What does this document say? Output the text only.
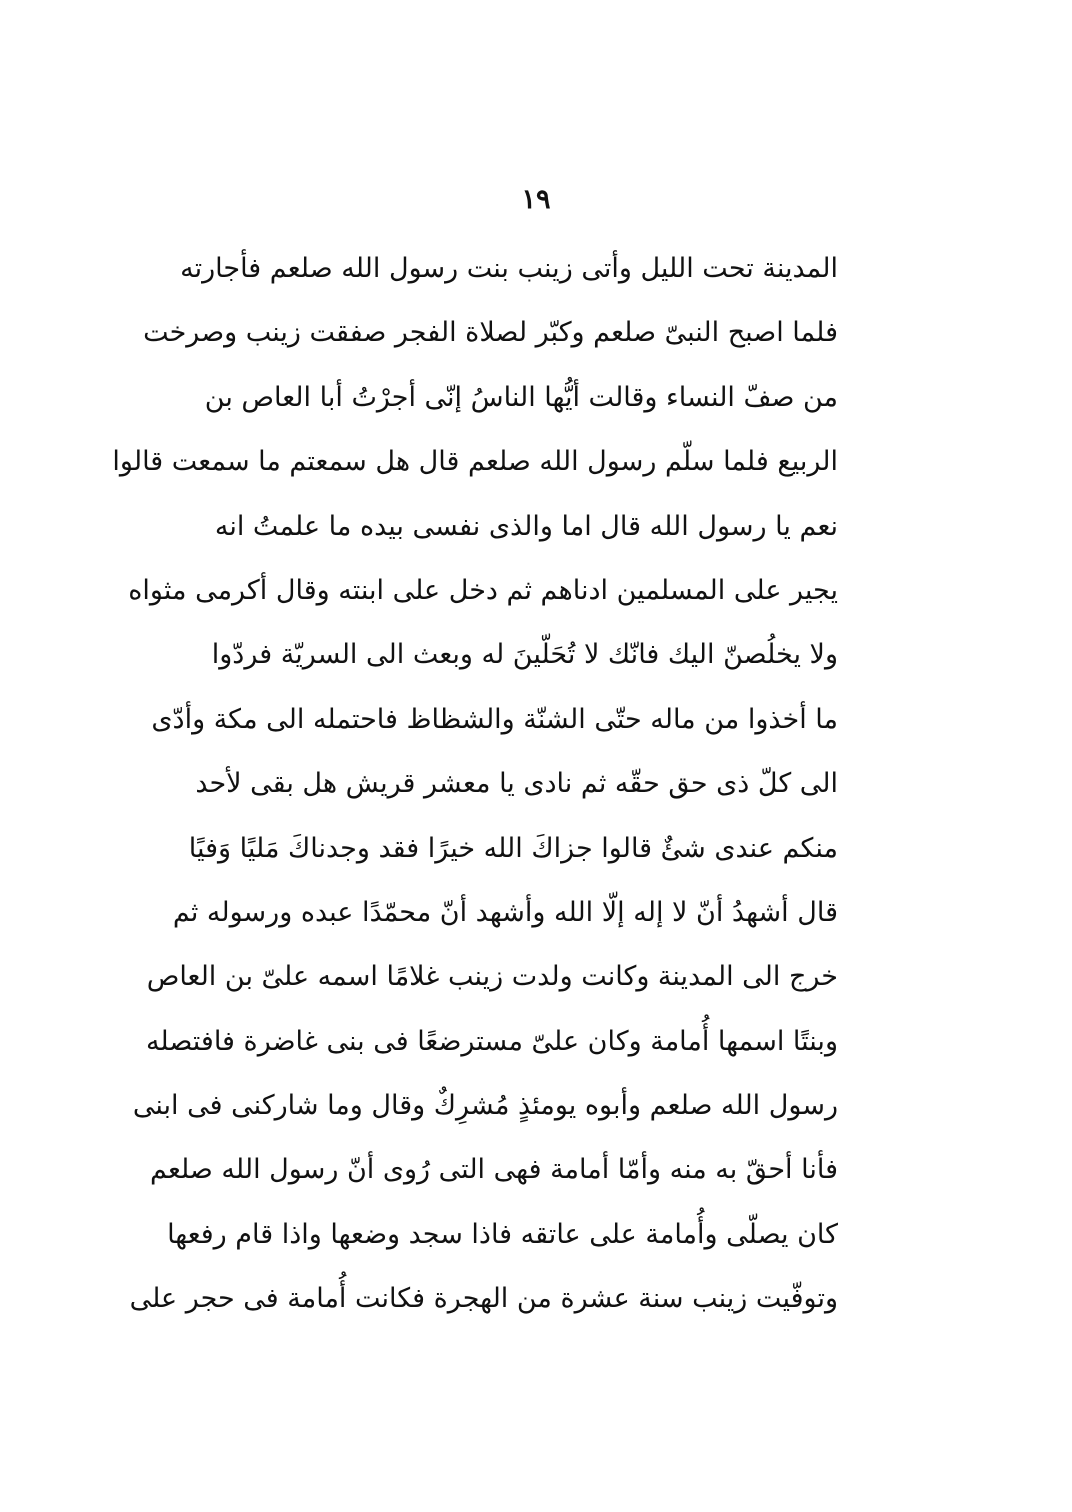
١٩
المدينة تحت الليل وأتى زينب بنت رسول الله صلعم فأجارته
فلما اصبح النبىّ صلعم وكبّر لصلاة الفجر صفقت زينب وصرخت
من صفّ النساء وقالت أيُّها الناسُ إنّى أجرْتُ أبا العاص بن
الربيع فلما سلّم رسول الله صلعم قال هل سمعتم ما سمعت قالوا
نعم يا رسول الله قال اما والذى نفسى بيده ما علمتُ انه
يجير على المسلمين ادناهم ثم دخل على ابنته وقال أكرمى مثواه
ولا يخلُصنّ اليك فانّك لا تُحَلّينَ له وبعث الى السريّة فردّوا
ما أخذوا من ماله حتّى الشنّة والشظاظ فاحتمله الى مكة وأدّى
الى كلّ ذى حق حقّه ثم نادى يا معشر قريش هل بقى لأحد
منكم عندى شئٌ قالوا جزاكَ الله خيرًا فقد وجدناكَ مَليًا وَفيًا
قال أشهدُ أنّ لا إله إلّا الله وأشهد أنّ محمّدًا عبده ورسوله ثم
خرج الى المدينة وكانت ولدت زينب غلامًا اسمه علىّ بن العاص
وبنتًا اسمها أُمامة وكان علىّ مسترضعًا فى بنى غاضرة فافتصله
رسول الله صلعم وأبوه يومئذٍ مُشرِكٌ وقال وما شاركنى فى ابنى
فأنا أحقّ به منه وأمّا أمامة فهى التى رُوى أنّ رسول الله صلعم
كان يصلّى وأُمامة على عاتقه فاذا سجد وضعها واذا قام رفعها
وتوفّيت زينب سنة عشرة من الهجرة فكانت أُمامة فى حجر على
